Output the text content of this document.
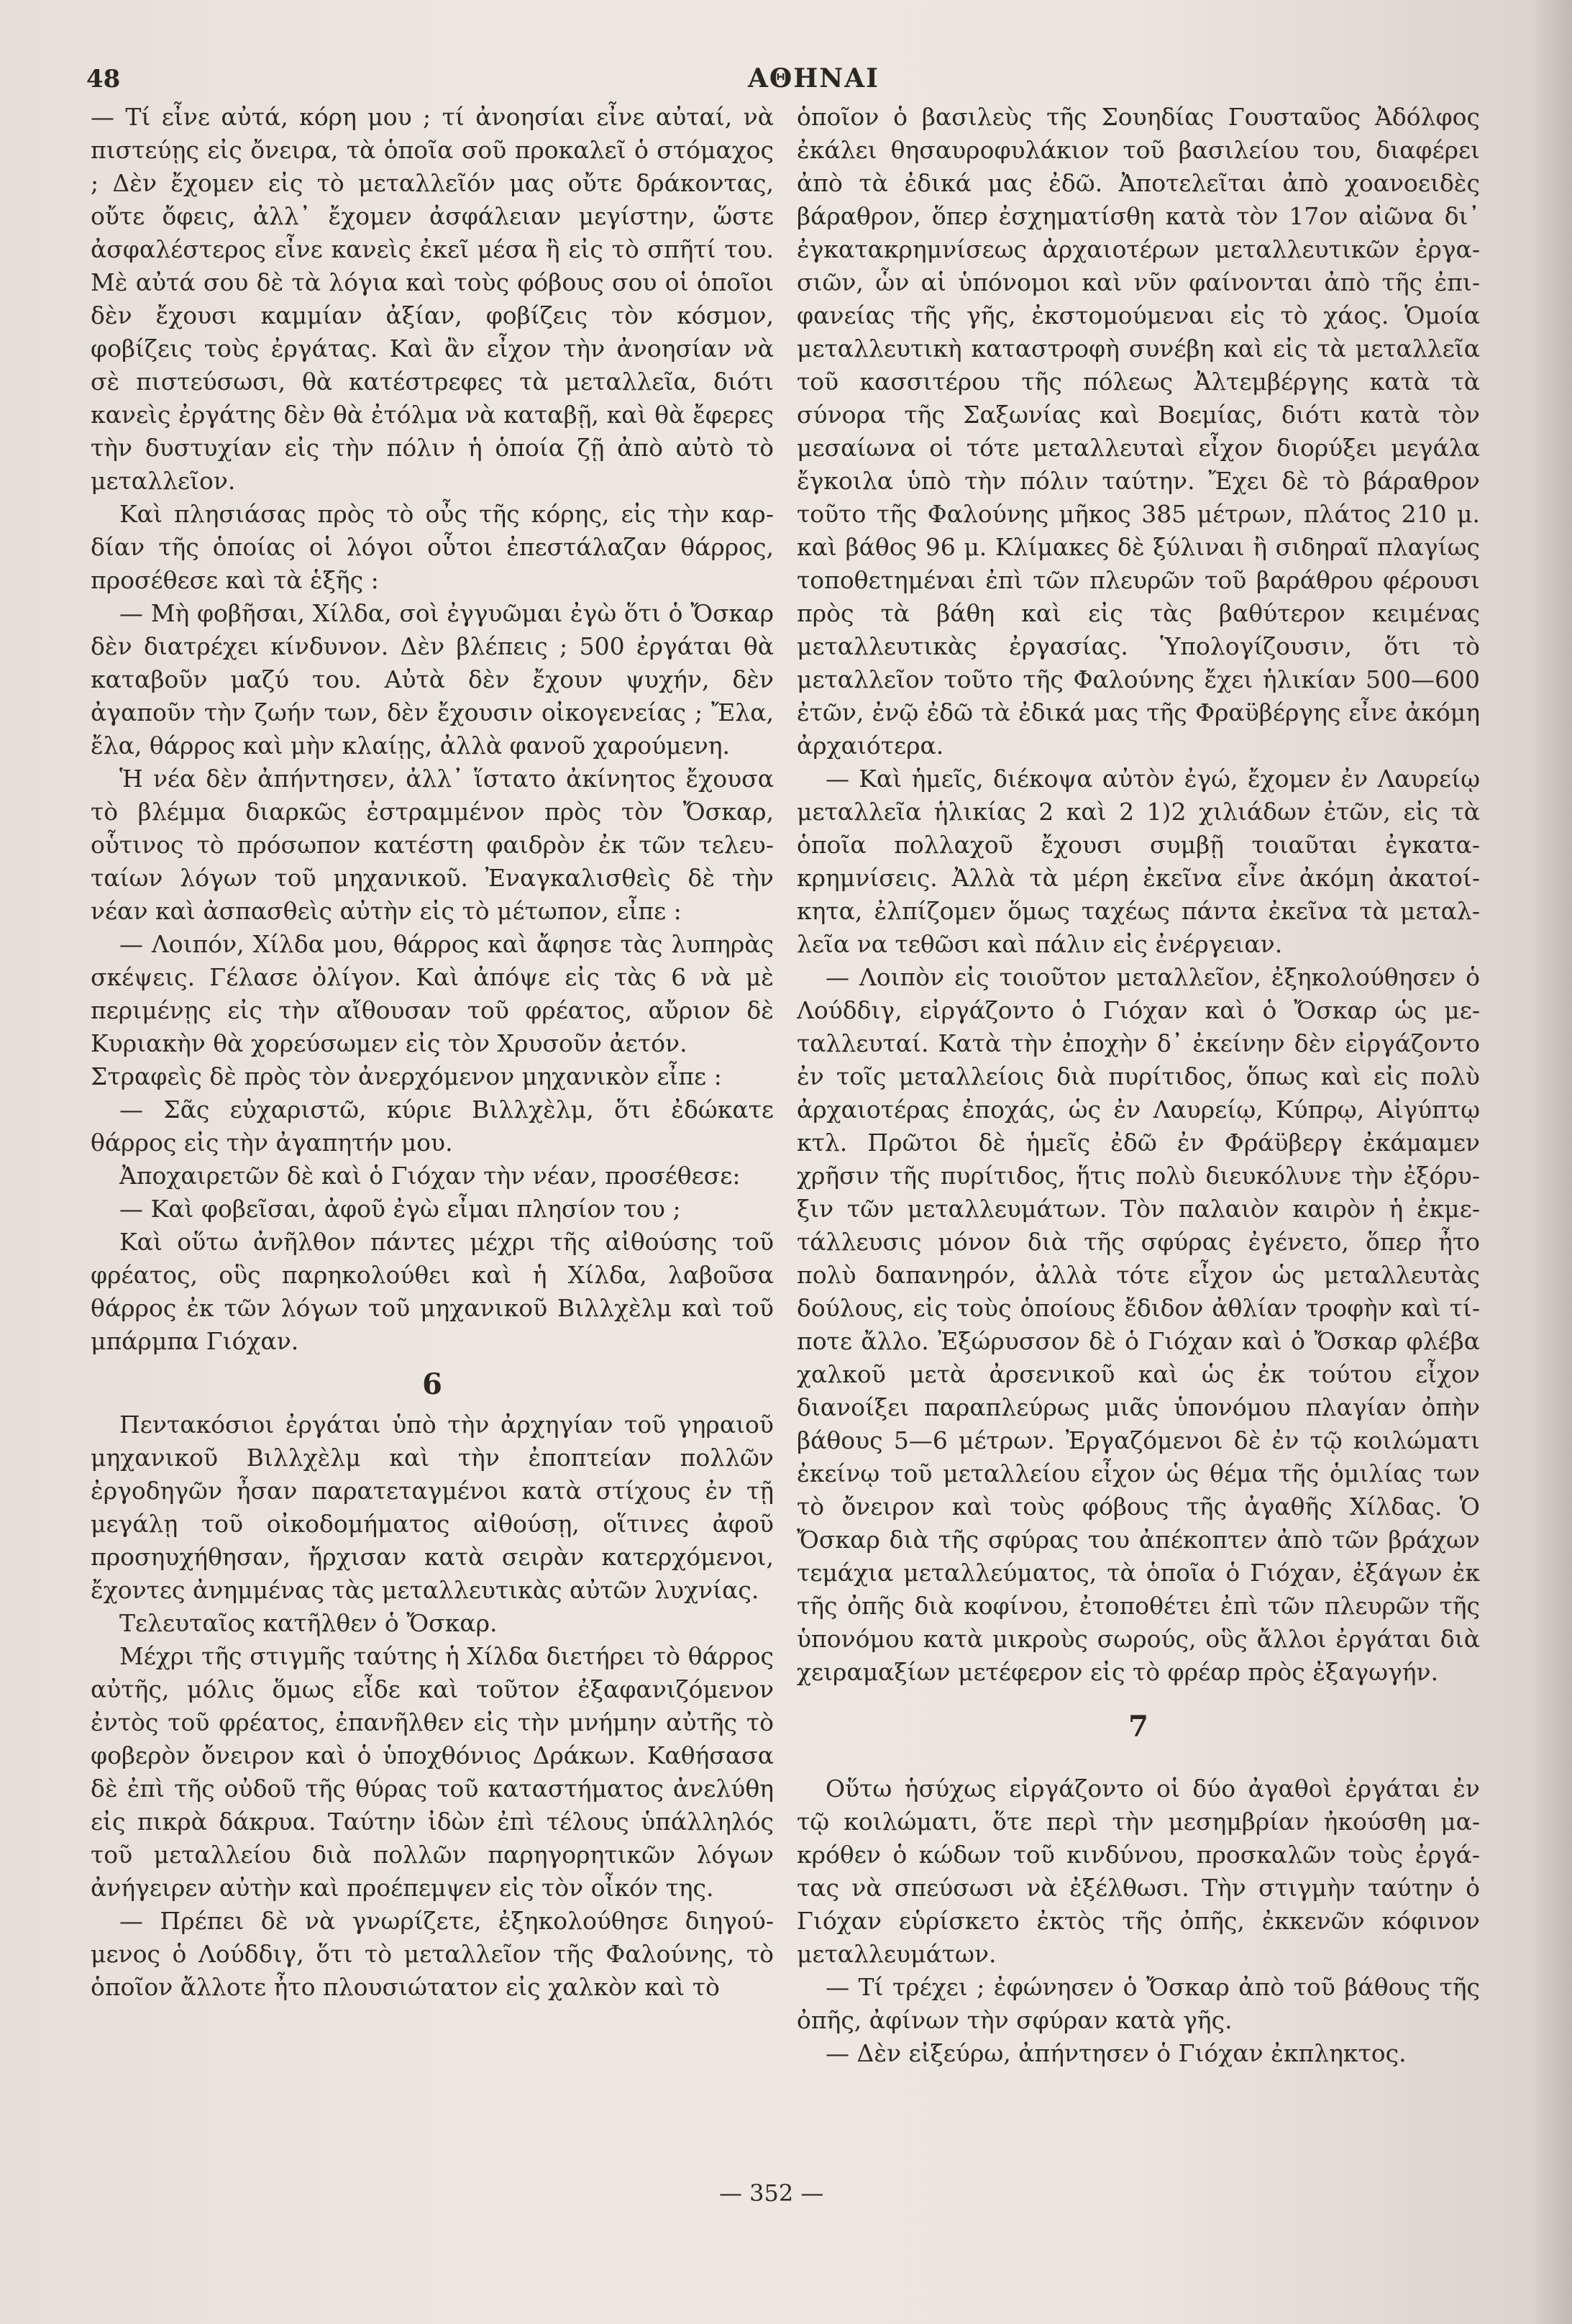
48	ΑΘΗΝΑΙ

— Τί εἶνε αὐτά, κόρη μου ; τί ἀνοησίαι εἶνε αὐταί, νὰ πιστεύῃς εἰς ὄνειρα, τὰ ὁποῖα σοῦ προκαλεῖ ὁ στόμαχος ; Δὲν ἔχομεν εἰς τὸ μεταλλεῖόν μας οὔτε δράκοντας, οὔτε ὄφεις, ἀλλ᾽ ἔχομεν ἀσφάλειαν μεγίστην, ὥστε ἀσφαλέστερος εἶνε κανεὶς ἐκεῖ μέσα ἢ εἰς τὸ σπῆτί του. Μὲ αὐτά σου δὲ τὰ λόγια καὶ τοὺς φόβους σου οἱ ὁποῖοι δὲν ἔχουσι καμμίαν ἀξίαν, φοβίζεις τὸν κόσμον, φοβίζεις τοὺς ἐργάτας. Καὶ ἂν εἶχον τὴν ἀνοησίαν νὰ σὲ πιστεύσωσι, θὰ κατέστρεφες τὰ μεταλλεῖα, διότι κανεὶς ἐργάτης δὲν θὰ ἐτόλμα νὰ καταβῇ, καὶ θὰ ἔφερες τὴν δυστυχίαν εἰς τὴν πόλιν ἡ ὁποία ζῇ ἀπὸ αὐτὸ τὸ μεταλλεῖον.

Καὶ πλησιάσας πρὸς τὸ οὖς τῆς κόρης, εἰς τὴν καρδίαν τῆς ὁποίας οἱ λόγοι οὗτοι ἐπεστάλαζαν θάρρος, προσέθεσε καὶ τὰ ἑξῆς :

— Μὴ φοβῆσαι, Χίλδα, σοὶ ἐγγυῶμαι ἐγὼ ὅτι ὁ Ὄσκαρ δὲν διατρέχει κίνδυνον. Δὲν βλέπεις ; 500 ἐργάται θὰ καταβοῦν μαζύ του. Αὐτὰ δὲν ἔχουν ψυχήν, δὲν ἀγαποῦν τὴν ζωήν των, δὲν ἔχουσιν οἰκογενείας ; Ἔλα, ἔλα, θάρρος καὶ μὴν κλαίῃς, ἀλλὰ φανοῦ χαρούμενη.

Ἡ νέα δὲν ἀπήντησεν, ἀλλ᾽ ἵστατο ἀκίνητος ἔχουσα τὸ βλέμμα διαρκῶς ἐστραμμένον πρὸς τὸν Ὄσκαρ, οὗτινος τὸ πρόσωπον κατέστη φαιδρὸν ἐκ τῶν τελευταίων λόγων τοῦ μηχανικοῦ. Ἐναγκαλισθεὶς δὲ τὴν νέαν καὶ ἀσπασθεὶς αὐτὴν εἰς τὸ μέτωπον, εἶπε :

— Λοιπόν, Χίλδα μου, θάρρος καὶ ἄφησε τὰς λυπηρὰς σκέψεις. Γέλασε ὀλίγον. Καὶ ἀπόψε εἰς τὰς 6 νὰ μὲ περιμένῃς εἰς τὴν αἴθουσαν τοῦ φρέατος, αὔριον δὲ Κυριακὴν θὰ χορεύσωμεν εἰς τὸν Χρυσοῦν ἀετόν.

Στραφεὶς δὲ πρὸς τὸν ἀνερχόμενον μηχανικὸν εἶπε :

— Σᾶς εὐχαριστῶ, κύριε Βιλλχὲλμ, ὅτι ἐδώκατε θάρρος εἰς τὴν ἀγαπητήν μου.

Ἀποχαιρετῶν δὲ καὶ ὁ Γιόχαν τὴν νέαν, προσέθεσε:

— Καὶ φοβεῖσαι, ἀφοῦ ἐγὼ εἶμαι πλησίον του ;

Καὶ οὕτω ἀνῆλθον πάντες μέχρι τῆς αἰθούσης τοῦ φρέατος, οὓς παρηκολούθει καὶ ἡ Χίλδα, λαβοῦσα θάρρος ἐκ τῶν λόγων τοῦ μηχανικοῦ Βιλλχὲλμ καὶ τοῦ μπάρμπα Γιόχαν.

6

Πεντακόσιοι ἐργάται ὑπὸ τὴν ἀρχηγίαν τοῦ γηραιοῦ μηχανικοῦ Βιλλχὲλμ καὶ τὴν ἐποπτείαν πολλῶν ἐργοδηγῶν ἦσαν παρατεταγμένοι κατὰ στίχους ἐν τῇ μεγάλῃ τοῦ οἰκοδομήματος αἰθούσῃ, οἵτινες ἀφοῦ προσηυχήθησαν, ἤρχισαν κατὰ σειρὰν κατερχόμενοι, ἔχοντες ἀνημμένας τὰς μεταλλευτικὰς αὐτῶν λυχνίας.

Τελευταῖος κατῆλθεν ὁ Ὄσκαρ.

Μέχρι τῆς στιγμῆς ταύτης ἡ Χίλδα διετήρει τὸ θάρρος αὐτῆς, μόλις ὅμως εἶδε καὶ τοῦτον ἐξαφανιζόμενον ἐντὸς τοῦ φρέατος, ἐπανῆλθεν εἰς τὴν μνήμην αὐτῆς τὸ φοβερὸν ὄνειρον καὶ ὁ ὑποχθόνιος Δράκων. Καθήσασα δὲ ἐπὶ τῆς οὐδοῦ τῆς θύρας τοῦ καταστήματος ἀνελύθη εἰς πικρὰ δάκρυα. Ταύτην ἰδὼν ἐπὶ τέλους ὑπάλληλός τοῦ μεταλλείου διὰ πολλῶν παρηγορητικῶν λόγων ἀνήγειρεν αὐτὴν καὶ προέπεμψεν εἰς τὸν οἶκόν της.

— Πρέπει δὲ νὰ γνωρίζετε, ἐξηκολούθησε διηγούμενος ὁ Λούδδιγ, ὅτι τὸ μεταλλεῖον τῆς Φαλούνης, τὸ ὁποῖον ἄλλοτε ἦτο πλουσιώτατον εἰς χαλκὸν καὶ τὸ

ὁποῖον ὁ βασιλεὺς τῆς Σουηδίας Γουσταῦος Ἀδόλφος ἐκάλει θησαυροφυλάκιον τοῦ βασιλείου του, διαφέρει ἀπὸ τὰ ἐδικά μας ἐδῶ. Ἀποτελεῖται ἀπὸ χοανοειδὲς βάραθρον, ὅπερ ἐσχηματίσθη κατὰ τὸν 17ον αἰῶνα δι᾽ ἐγκατακρημνίσεως ἀρχαιοτέρων μεταλλευτικῶν ἐργασιῶν, ὧν αἱ ὑπόνομοι καὶ νῦν φαίνονται ἀπὸ τῆς ἐπιφανείας τῆς γῆς, ἐκστομούμεναι εἰς τὸ χάος. Ὁμοία μεταλλευτικὴ καταστροφὴ συνέβη καὶ εἰς τὰ μεταλλεῖα τοῦ κασσιτέρου τῆς πόλεως Ἀλτεμβέργης κατὰ τὰ σύνορα τῆς Σαξωνίας καὶ Βοεμίας, διότι κατὰ τὸν μεσαίωνα οἱ τότε μεταλλευταὶ εἶχον διορύξει μεγάλα ἔγκοιλα ὑπὸ τὴν πόλιν ταύτην. Ἔχει δὲ τὸ βάραθρον τοῦτο τῆς Φαλούνης μῆκος 385 μέτρων, πλάτος 210 μ. καὶ βάθος 96 μ. Κλίμακες δὲ ξύλιναι ἢ σιδηραῖ πλαγίως τοποθετημέναι ἐπὶ τῶν πλευρῶν τοῦ βαράθρου φέρουσι πρὸς τὰ βάθη καὶ εἰς τὰς βαθύτερον κειμένας μεταλλευτικὰς ἐργασίας. Ὑπολογίζουσιν, ὅτι τὸ μεταλλεῖον τοῦτο τῆς Φαλούνης ἔχει ἡλικίαν 500—600 ἐτῶν, ἐνῷ ἐδῶ τὰ ἐδικά μας τῆς Φραϋβέργης εἶνε ἀκόμη ἀρχαιότερα.

— Καὶ ἡμεῖς, διέκοψα αὐτὸν ἐγώ, ἔχομεν ἐν Λαυρείῳ μεταλλεῖα ἡλικίας 2 καὶ 2 1)2 χιλιάδων ἐτῶν, εἰς τὰ ὁποῖα πολλαχοῦ ἔχουσι συμβῇ τοιαῦται ἐγκατακρημνίσεις. Ἀλλὰ τὰ μέρη ἐκεῖνα εἶνε ἀκόμη ἀκατοίκητα, ἐλπίζομεν ὅμως ταχέως πάντα ἐκεῖνα τὰ μεταλλεῖα να τεθῶσι καὶ πάλιν εἰς ἐνέργειαν.

— Λοιπὸν εἰς τοιοῦτον μεταλλεῖον, ἐξηκολούθησεν ὁ Λούδδιγ, εἰργάζοντο ὁ Γιόχαν καὶ ὁ Ὄσκαρ ὡς μεταλλευταί. Κατὰ τὴν ἐποχὴν δ᾽ ἐκείνην δὲν εἰργάζοντο ἐν τοῖς μεταλλείοις διὰ πυρίτιδος, ὅπως καὶ εἰς πολὺ ἀρχαιοτέρας ἐποχάς, ὡς ἐν Λαυρείῳ, Κύπρῳ, Αἰγύπτῳ κτλ. Πρῶτοι δὲ ἡμεῖς ἐδῶ ἐν Φράϋβεργ ἐκάμαμεν χρῆσιν τῆς πυρίτιδος, ἥτις πολὺ διευκόλυνε τὴν ἐξόρυξιν τῶν μεταλλευμάτων. Τὸν παλαιὸν καιρὸν ἡ ἐκμετάλλευσις μόνον διὰ τῆς σφύρας ἐγένετο, ὅπερ ἦτο πολὺ δαπανηρόν, ἀλλὰ τότε εἶχον ὡς μεταλλευτὰς δούλους, εἰς τοὺς ὁποίους ἔδιδον ἀθλίαν τροφὴν καὶ τίποτε ἄλλο. Ἐξώρυσσον δὲ ὁ Γιόχαν καὶ ὁ Ὄσκαρ φλέβα χαλκοῦ μετὰ ἀρσενικοῦ καὶ ὡς ἐκ τούτου εἶχον διανοίξει παραπλεύρως μιᾶς ὑπονόμου πλαγίαν ὀπὴν βάθους 5—6 μέτρων. Ἐργαζόμενοι δὲ ἐν τῷ κοιλώματι ἐκείνῳ τοῦ μεταλλείου εἶχον ὡς θέμα τῆς ὁμιλίας των τὸ ὄνειρον καὶ τοὺς φόβους τῆς ἀγαθῆς Χίλδας. Ὁ Ὄσκαρ διὰ τῆς σφύρας του ἀπέκοπτεν ἀπὸ τῶν βράχων τεμάχια μεταλλεύματος, τὰ ὁποῖα ὁ Γιόχαν, ἐξάγων ἐκ τῆς ὀπῆς διὰ κοφίνου, ἐτοποθέτει ἐπὶ τῶν πλευρῶν τῆς ὑπονόμου κατὰ μικροὺς σωρούς, οὓς ἄλλοι ἐργάται διὰ χειραμαξίων μετέφερον εἰς τὸ φρέαρ πρὸς ἐξαγωγήν.

7

Οὕτω ἡσύχως εἰργάζοντο οἱ δύο ἀγαθοὶ ἐργάται ἐν τῷ κοιλώματι, ὅτε περὶ τὴν μεσημβρίαν ἠκούσθη μακρόθεν ὁ κώδων τοῦ κινδύνου, προσκαλῶν τοὺς ἐργάτας νὰ σπεύσωσι νὰ ἐξέλθωσι. Τὴν στιγμὴν ταύτην ὁ Γιόχαν εὑρίσκετο ἐκτὸς τῆς ὀπῆς, ἐκκενῶν κόφινον μεταλλευμάτων.

— Τί τρέχει ; ἐφώνησεν ὁ Ὄσκαρ ἀπὸ τοῦ βάθους τῆς ὀπῆς, ἀφίνων τὴν σφύραν κατὰ γῆς.

— Δὲν εἰξεύρω, ἀπήντησεν ὁ Γιόχαν ἐκπληκτος.

— 352 —
